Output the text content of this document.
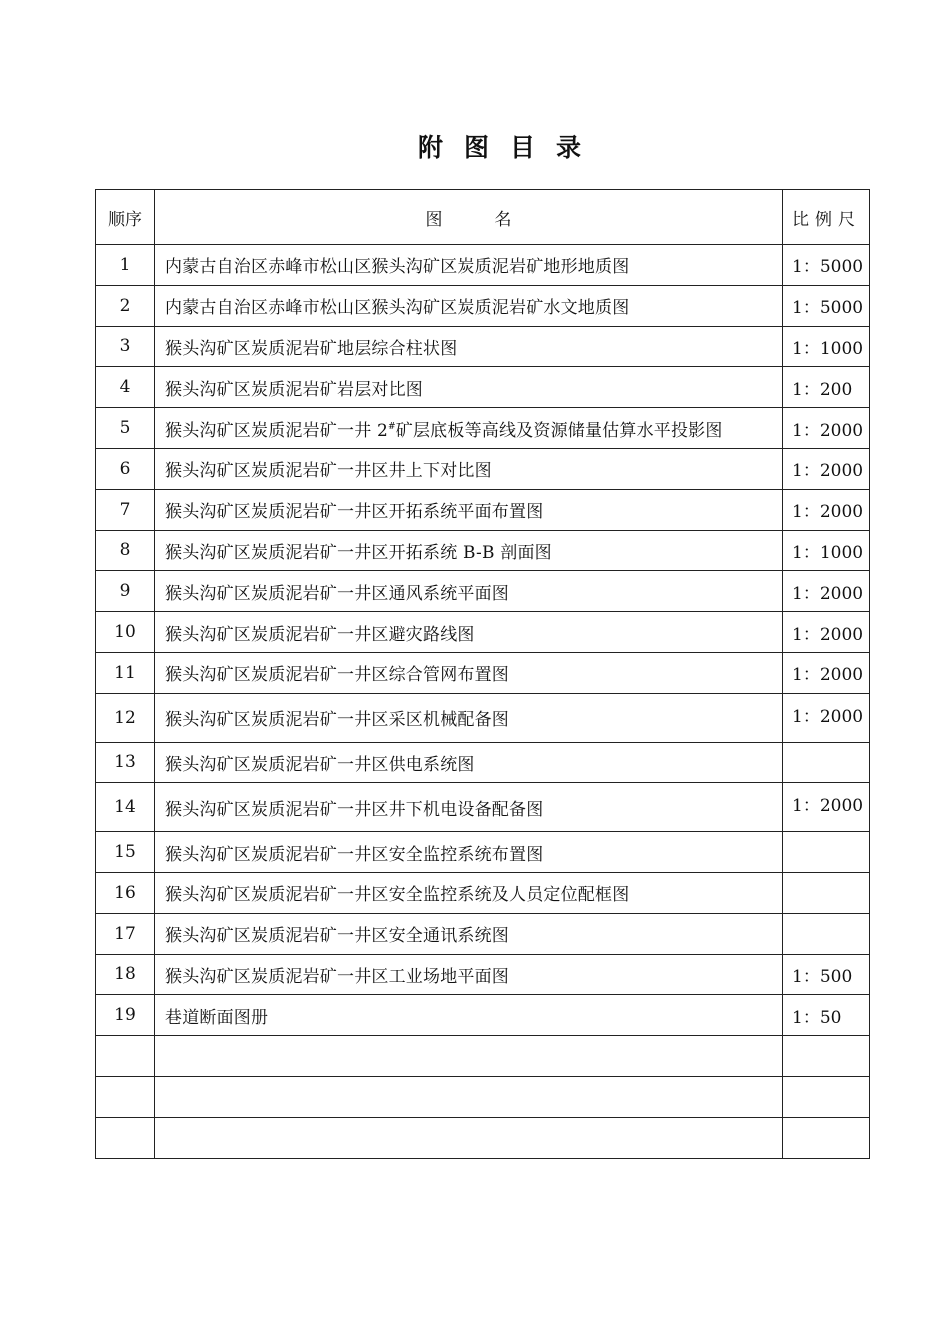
附图目录
顺序	图名	比例尺
1	内蒙古自治区赤峰市松山区猴头沟矿区炭质泥岩矿地形地质图	1：5000
2	内蒙古自治区赤峰市松山区猴头沟矿区炭质泥岩矿水文地质图	1：5000
3	猴头沟矿区炭质泥岩矿地层综合柱状图	1：1000
4	猴头沟矿区炭质泥岩矿岩层对比图	1：200
5	猴头沟矿区炭质泥岩矿一井 2#矿层底板等高线及资源储量估算水平投影图	1：2000
6	猴头沟矿区炭质泥岩矿一井区井上下对比图	1：2000
7	猴头沟矿区炭质泥岩矿一井区开拓系统平面布置图	1：2000
8	猴头沟矿区炭质泥岩矿一井区开拓系统 B-B 剖面图	1：1000
9	猴头沟矿区炭质泥岩矿一井区通风系统平面图	1：2000
10	猴头沟矿区炭质泥岩矿一井区避灾路线图	1：2000
11	猴头沟矿区炭质泥岩矿一井区综合管网布置图	1：2000
12	猴头沟矿区炭质泥岩矿一井区采区机械配备图	1：2000
13	猴头沟矿区炭质泥岩矿一井区供电系统图	
14	猴头沟矿区炭质泥岩矿一井区井下机电设备配备图	1：2000
15	猴头沟矿区炭质泥岩矿一井区安全监控系统布置图	
16	猴头沟矿区炭质泥岩矿一井区安全监控系统及人员定位配框图	
17	猴头沟矿区炭质泥岩矿一井区安全通讯系统图	
18	猴头沟矿区炭质泥岩矿一井区工业场地平面图	1：500
19	巷道断面图册	1：50
